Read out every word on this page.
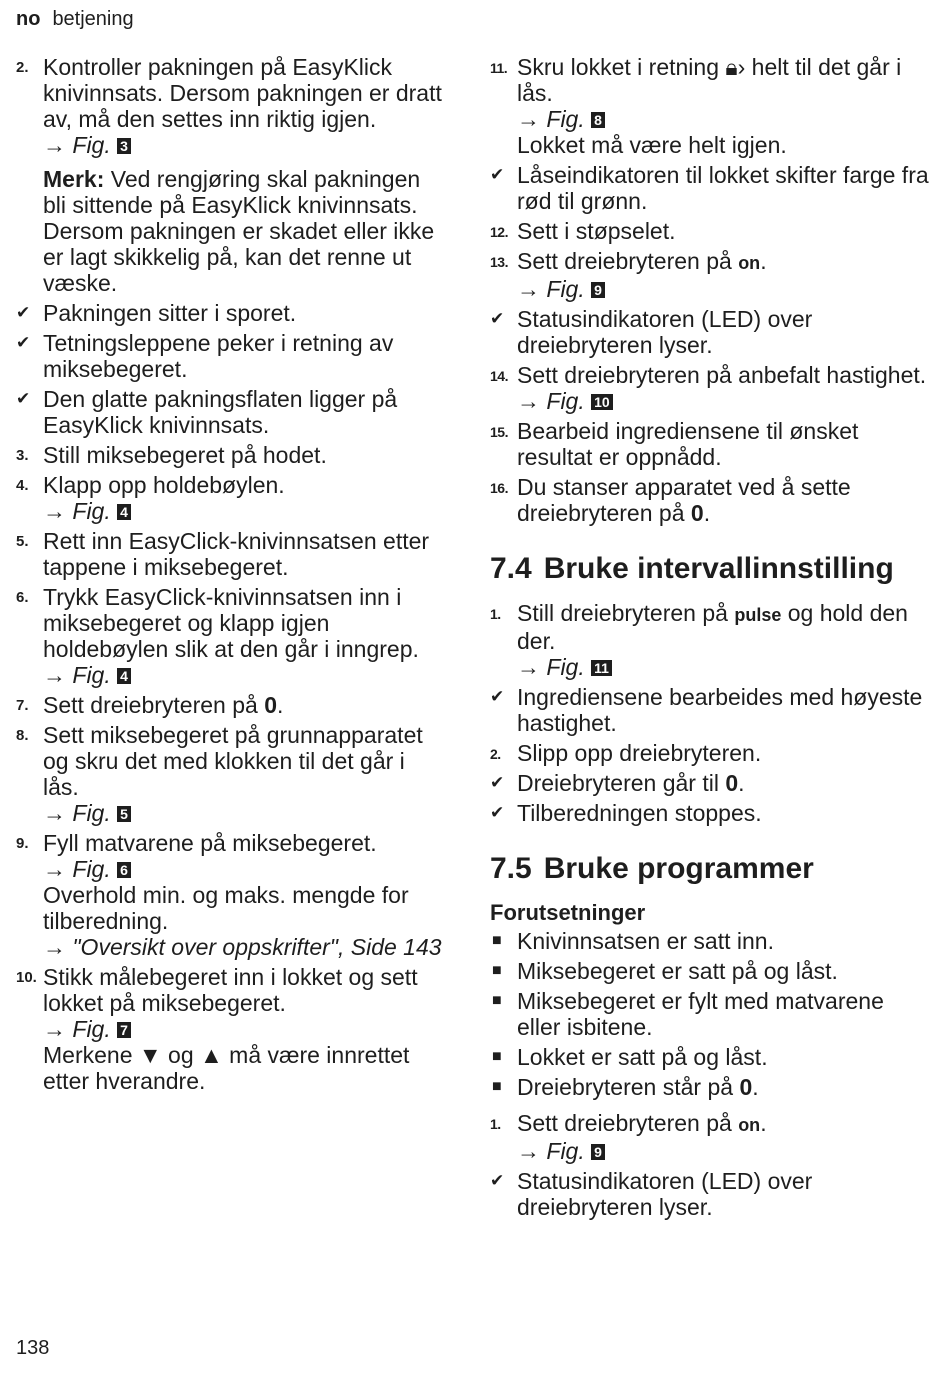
no betjening
2. Kontroller pakningen på EasyKlick knivinnsats. Dersom pakningen er dratt av, må den settes inn riktig igjen.
→ Fig. 3
Merk: Ved rengjøring skal pakningen bli sittende på EasyKlick knivinnsats. Dersom pakningen er skadet eller ikke er lagt skikkelig på, kan det renne ut væske.
✔ Pakningen sitter i sporet.
✔ Tetningsleppene peker i retning av miksebegeret.
✔ Den glatte pakningsflaten ligger på EasyKlick knivinnsats.
3. Still miksebegeret på hodet.
4. Klapp opp holdebøylen.
→ Fig. 4
5. Rett inn EasyClick-knivinnsatsen etter tappene i miksebegeret.
6. Trykk EasyClick-knivinnsatsen inn i miksebegeret og klapp igjen holdebøylen slik at den går i inngrep.
→ Fig. 4
7. Sett dreiebryteren på 0.
8. Sett miksebegeret på grunnapparatet og skru det med klokken til det går i lås.
→ Fig. 5
9. Fyll matvarene på miksebegeret.
→ Fig. 6
Overhold min. og maks. mengde for tilberedning.
→ "Oversikt over oppskrifter", Side 143
10. Stikk målebegeret inn i lokket og sett lokket på miksebegeret.
→ Fig. 7
Merkene ▼ og ▲ må være innrettet etter hverandre.
11. Skru lokket i retning 🔒︎› helt til det går i lås.
→ Fig. 8
Lokket må være helt igjen.
✔ Låseindikatoren til lokket skifter farge fra rød til grønn.
12. Sett i støpselet.
13. Sett dreiebryteren på on.
→ Fig. 9
✔ Statusindikatoren (LED) over dreiebryteren lyser.
14. Sett dreiebryteren på anbefalt hastighet.
→ Fig. 10
15. Bearbeid ingrediensene til ønsket resultat er oppnådd.
16. Du stanser apparatet ved å sette dreiebryteren på 0.
7.4 Bruke intervallinnstilling
1. Still dreiebryteren på pulse og hold den der.
→ Fig. 11
✔ Ingrediensene bearbeides med høyeste hastighet.
2. Slipp opp dreiebryteren.
✔ Dreiebryteren går til 0.
✔ Tilberedningen stoppes.
7.5 Bruke programmer
Forutsetninger
■ Knivinnsatsen er satt inn.
■ Miksebegeret er satt på og låst.
■ Miksebegeret er fylt med matvarene eller isbitene.
■ Lokket er satt på og låst.
■ Dreiebryteren står på 0.
1. Sett dreiebryteren på on.
→ Fig. 9
✔ Statusindikatoren (LED) over dreiebryteren lyser.
138
